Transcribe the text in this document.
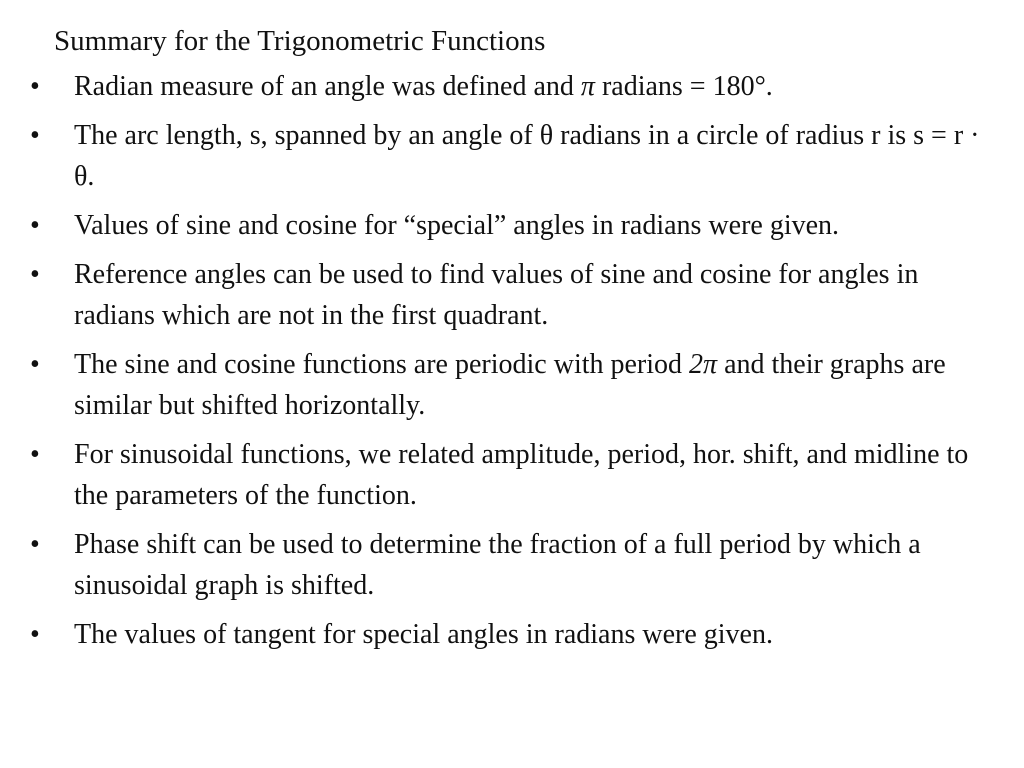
Summary for the Trigonometric Functions
•	Radian measure of an angle was defined and π radians = 180°.
•	The arc length, s, spanned by an angle of θ radians in a circle of radius r is s = r · θ.
•	Values of sine and cosine for “special” angles in radians were given.
•	Reference angles can be used to find values of sine and cosine for angles in radians which are not in the first quadrant.
•	The sine and cosine functions are periodic with period 2π and their graphs are similar but shifted horizontally.
•	For sinusoidal functions, we related amplitude, period, hor. shift, and midline to the parameters of the function.
•	Phase shift can be used to determine the fraction of a full period by which a sinusoidal graph is shifted.
•	The values of tangent for special angles in radians were given.
